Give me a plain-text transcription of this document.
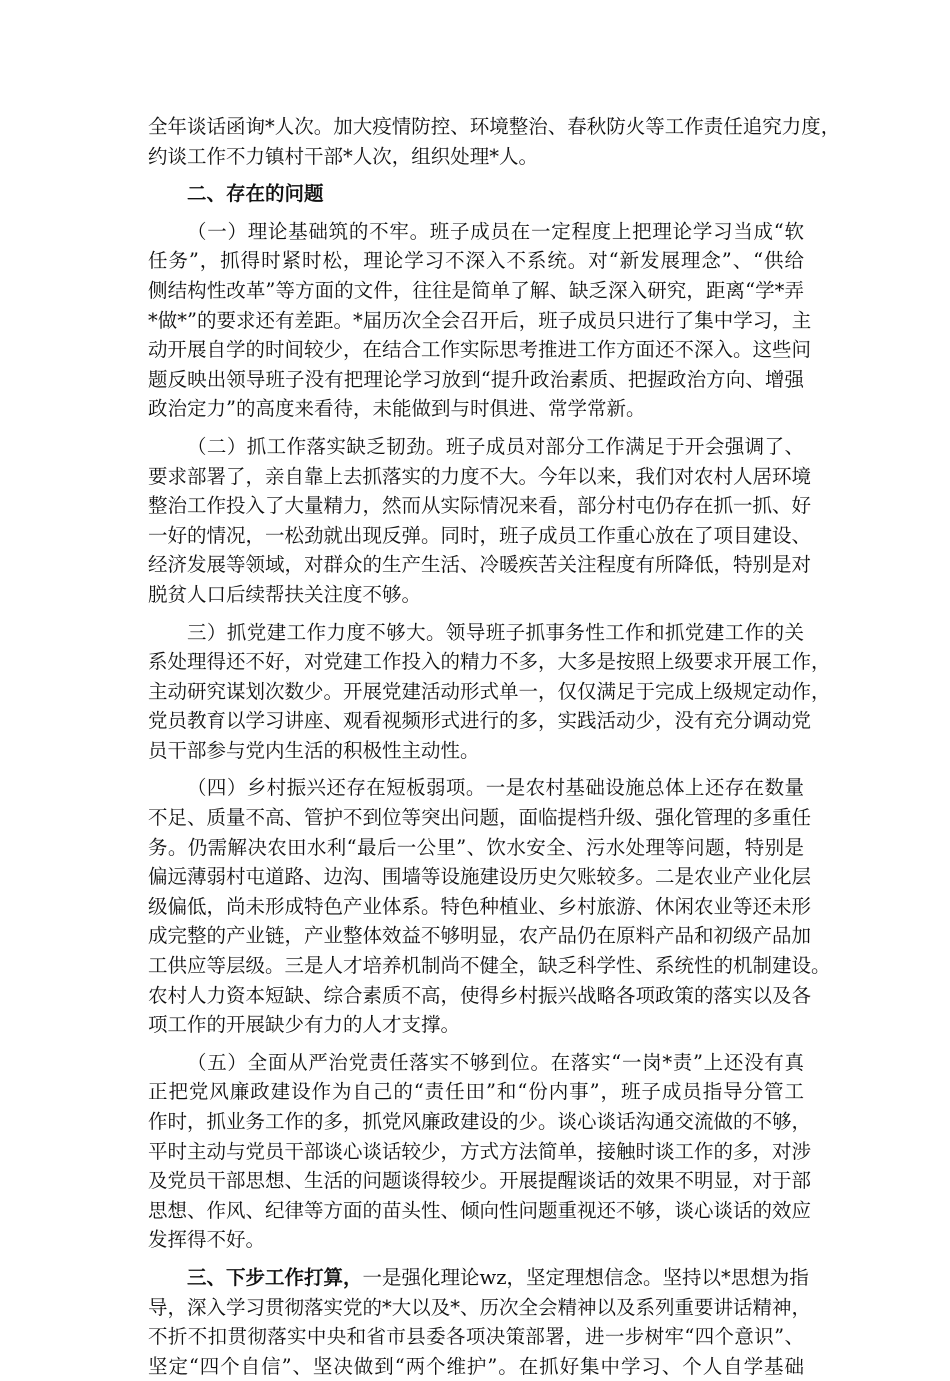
全年谈话函询*人次。加大疫情防控、环境整治、春秋防火等工作责任追究力度，
约谈工作不力镇村干部*人次，组织处理*人。
二、存在的问题
（一）理论基础筑的不牢。班子成员在一定程度上把理论学习当成“软
任务”，抓得时紧时松，理论学习不深入不系统。对“新发展理念”、“供给
侧结构性改革”等方面的文件，往往是简单了解、缺乏深入研究，距离“学*弄
*做*”的要求还有差距。*届历次全会召开后，班子成员只进行了集中学习，主
动开展自学的时间较少，在结合工作实际思考推进工作方面还不深入。这些问
题反映出领导班子没有把理论学习放到“提升政治素质、把握政治方向、增强
政治定力”的高度来看待，未能做到与时俱进、常学常新。
（二）抓工作落实缺乏韧劲。班子成员对部分工作满足于开会强调了、
要求部署了，亲自靠上去抓落实的力度不大。今年以来，我们对农村人居环境
整治工作投入了大量精力，然而从实际情况来看，部分村屯仍存在抓一抓、好
一好的情况，一松劲就出现反弹。同时，班子成员工作重心放在了项目建设、
经济发展等领域，对群众的生产生活、冷暖疾苦关注程度有所降低，特别是对
脱贫人口后续帮扶关注度不够。
三）抓党建工作力度不够大。领导班子抓事务性工作和抓党建工作的关
系处理得还不好，对党建工作投入的精力不多，大多是按照上级要求开展工作，
主动研究谋划次数少。开展党建活动形式单一，仅仅满足于完成上级规定动作，
党员教育以学习讲座、观看视频形式进行的多，实践活动少，没有充分调动党
员干部参与党内生活的积极性主动性。
（四）乡村振兴还存在短板弱项。一是农村基础设施总体上还存在数量
不足、质量不高、管护不到位等突出问题，面临提档升级、强化管理的多重任
务。仍需解决农田水利“最后一公里”、饮水安全、污水处理等问题，特别是
偏远薄弱村屯道路、边沟、围墙等设施建设历史欠账较多。二是农业产业化层
级偏低，尚未形成特色产业体系。特色种植业、乡村旅游、休闲农业等还未形
成完整的产业链，产业整体效益不够明显，农产品仍在原料产品和初级产品加
工供应等层级。三是人才培养机制尚不健全，缺乏科学性、系统性的机制建设。
农村人力资本短缺、综合素质不高，使得乡村振兴战略各项政策的落实以及各
项工作的开展缺少有力的人才支撑。
（五）全面从严治党责任落实不够到位。在落实“一岗*责”上还没有真
正把党风廉政建设作为自己的“责任田”和“份内事”，班子成员指导分管工
作时，抓业务工作的多，抓党风廉政建设的少。谈心谈话沟通交流做的不够，
平时主动与党员干部谈心谈话较少，方式方法简单，接触时谈工作的多，对涉
及党员干部思想、生活的问题谈得较少。开展提醒谈话的效果不明显，对于部
思想、作风、纪律等方面的苗头性、倾向性问题重视还不够，谈心谈话的效应
发挥得不好。
三、下步工作打算，一是强化理论wz，坚定理想信念。坚持以*思想为指
导，深入学习贯彻落实党的*大以及*、历次全会精神以及系列重要讲话精神，
不折不扣贯彻落实中央和省市县委各项决策部署，进一步树牢“四个意识”、
坚定“四个自信”、坚决做到“两个维护”。在抓好集中学习、个人自学基础
